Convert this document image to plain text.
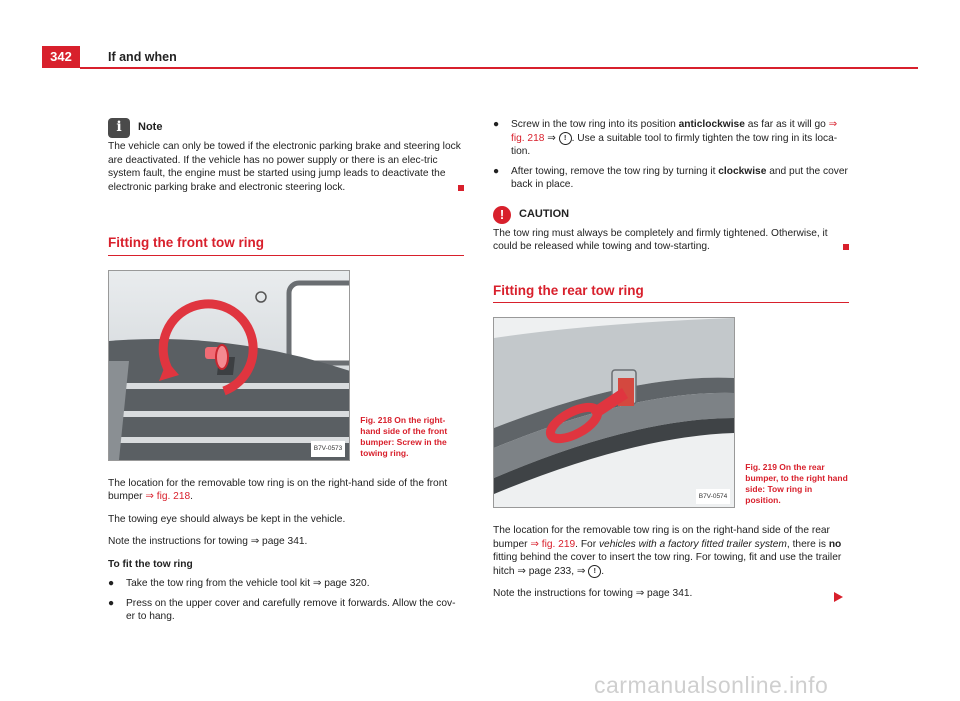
342	If and when
i	Note

The vehicle can only be towed if the electronic parking brake and steering lock are deactivated. If the vehicle has no power supply or there is an elec-tric system fault, the engine must be started using jump leads to deactivate the electronic parking brake and electronic steering lock.

Fitting the front tow ring

B7V-0573
Fig. 218 On the right-hand side of the front bumper: Screw in the towing ring.

The location for the removable tow ring is on the right-hand side of the front bumper ⇒ fig. 218.

The towing eye should always be kept in the vehicle.

Note the instructions for towing ⇒ page 341.

To fit the tow ring

● Take the tow ring from the vehicle tool kit ⇒ page 320.

● Press on the upper cover and carefully remove it forwards. Allow the cov-er to hang.

● Screw in the tow ring into its position anticlockwise as far as it will go ⇒ fig. 218 ⇒ ! . Use a suitable tool to firmly tighten the tow ring in its loca-tion.

● After towing, remove the tow ring by turning it clockwise and put the cover back in place.

!	CAUTION

The tow ring must always be completely and firmly tightened. Otherwise, it could be released while towing and tow-starting.

Fitting the rear tow ring

B7V-0574
Fig. 219 On the rear bumper, to the right hand side: Tow ring in position.

The location for the removable tow ring is on the right-hand side of the rear bumper ⇒ fig. 219. For vehicles with a factory fitted trailer system, there is no fitting behind the cover to insert the tow ring. For towing, fit and use the trailer hitch ⇒ page 233, ⇒ ! .

Note the instructions for towing ⇒ page 341.

carmanualsonline.info
